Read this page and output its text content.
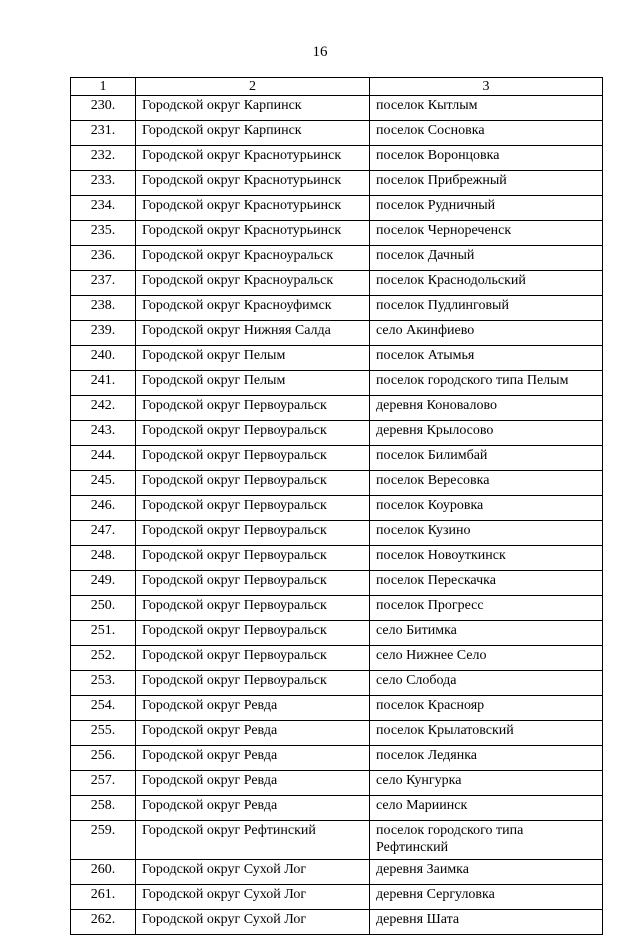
16
1	2	3
230.	Городской округ Карпинск	поселок Кытлым
231.	Городской округ Карпинск	поселок Сосновка
232.	Городской округ Краснотурьинск	поселок Воронцовка
233.	Городской округ Краснотурьинск	поселок Прибрежный
234.	Городской округ Краснотурьинск	поселок Рудничный
235.	Городской округ Краснотурьинск	поселок Чернореченск
236.	Городской округ Красноуральск	поселок Дачный
237.	Городской округ Красноуральск	поселок Краснодольский
238.	Городской округ Красноуфимск	поселок Пудлинговый
239.	Городской округ Нижняя Салда	село Акинфиево
240.	Городской округ Пелым	поселок Атымья
241.	Городской округ Пелым	поселок городского типа Пелым
242.	Городской округ Первоуральск	деревня Коновалово
243.	Городской округ Первоуральск	деревня Крылосово
244.	Городской округ Первоуральск	поселок Билимбай
245.	Городской округ Первоуральск	поселок Вересовка
246.	Городской округ Первоуральск	поселок Коуровка
247.	Городской округ Первоуральск	поселок Кузино
248.	Городской округ Первоуральск	поселок Новоуткинск
249.	Городской округ Первоуральск	поселок Перескачка
250.	Городской округ Первоуральск	поселок Прогресс
251.	Городской округ Первоуральск	село Битимка
252.	Городской округ Первоуральск	село Нижнее Село
253.	Городской округ Первоуральск	село Слобода
254.	Городской округ Ревда	поселок Краснояр
255.	Городской округ Ревда	поселок Крылатовский
256.	Городской округ Ревда	поселок Ледянка
257.	Городской округ Ревда	село Кунгурка
258.	Городской округ Ревда	село Мариинск
259.	Городской округ Рефтинский	поселок городского типа Рефтинский
260.	Городской округ Сухой Лог	деревня Заимка
261.	Городской округ Сухой Лог	деревня Сергуловка
262.	Городской округ Сухой Лог	деревня Шата
